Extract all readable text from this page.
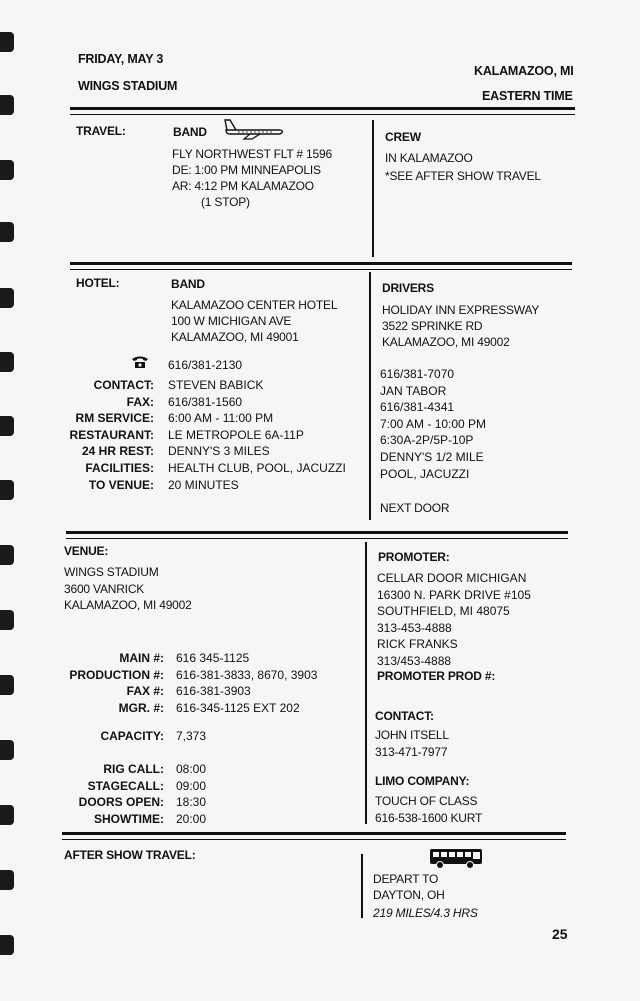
FRIDAY, MAY 3
WINGS STADIUM
KALAMAZOO, MI
EASTERN TIME
TRAVEL:	BAND
FLY NORTHWEST FLT # 1596
DE: 1:00 PM MINNEAPOLIS
AR: 4:12 PM KALAMAZOO
(1 STOP)
CREW
IN KALAMAZOO
*SEE AFTER SHOW TRAVEL
HOTEL:	BAND
KALAMAZOO CENTER HOTEL
100 W MICHIGAN AVE
KALAMAZOO, MI 49001
616/381-2130
CONTACT:
FAX:
RM SERVICE:
RESTAURANT:
24 HR REST:
FACILITIES:
TO VENUE:
STEVEN BABICK
616/381-1560
6:00 AM - 11:00 PM
LE METROPOLE 6A-11P
DENNY'S 3 MILES
HEALTH CLUB, POOL, JACUZZI
20 MINUTES
DRIVERS
HOLIDAY INN EXPRESSWAY
3522 SPRINKE RD
KALAMAZOO, MI 49002
616/381-7070
JAN TABOR
616/381-4341
7:00 AM - 10:00 PM
6:30A-2P/5P-10P
DENNY'S 1/2 MILE
POOL, JACUZZI
NEXT DOOR
VENUE:
WINGS STADIUM
3600 VANRICK
KALAMAZOO, MI 49002
MAIN #:
PRODUCTION #:
FAX #:
MGR. #:
616 345-1125
616-381-3833, 8670, 3903
616-381-3903
616-345-1125 EXT 202
CAPACITY: 7,373
RIG CALL:
STAGECALL:
DOORS OPEN:
SHOWTIME:
08:00
09:00
18:30
20:00
PROMOTER:
CELLAR DOOR MICHIGAN
16300 N. PARK DRIVE #105
SOUTHFIELD, MI 48075
313-453-4888
RICK FRANKS
313/453-4888
PROMOTER PROD #:
CONTACT:
JOHN ITSELL
313-471-7977
LIMO COMPANY:
TOUCH OF CLASS
616-538-1600 KURT
AFTER SHOW TRAVEL:
DEPART TO
DAYTON, OH
219 MILES/4.3 HRS
25
